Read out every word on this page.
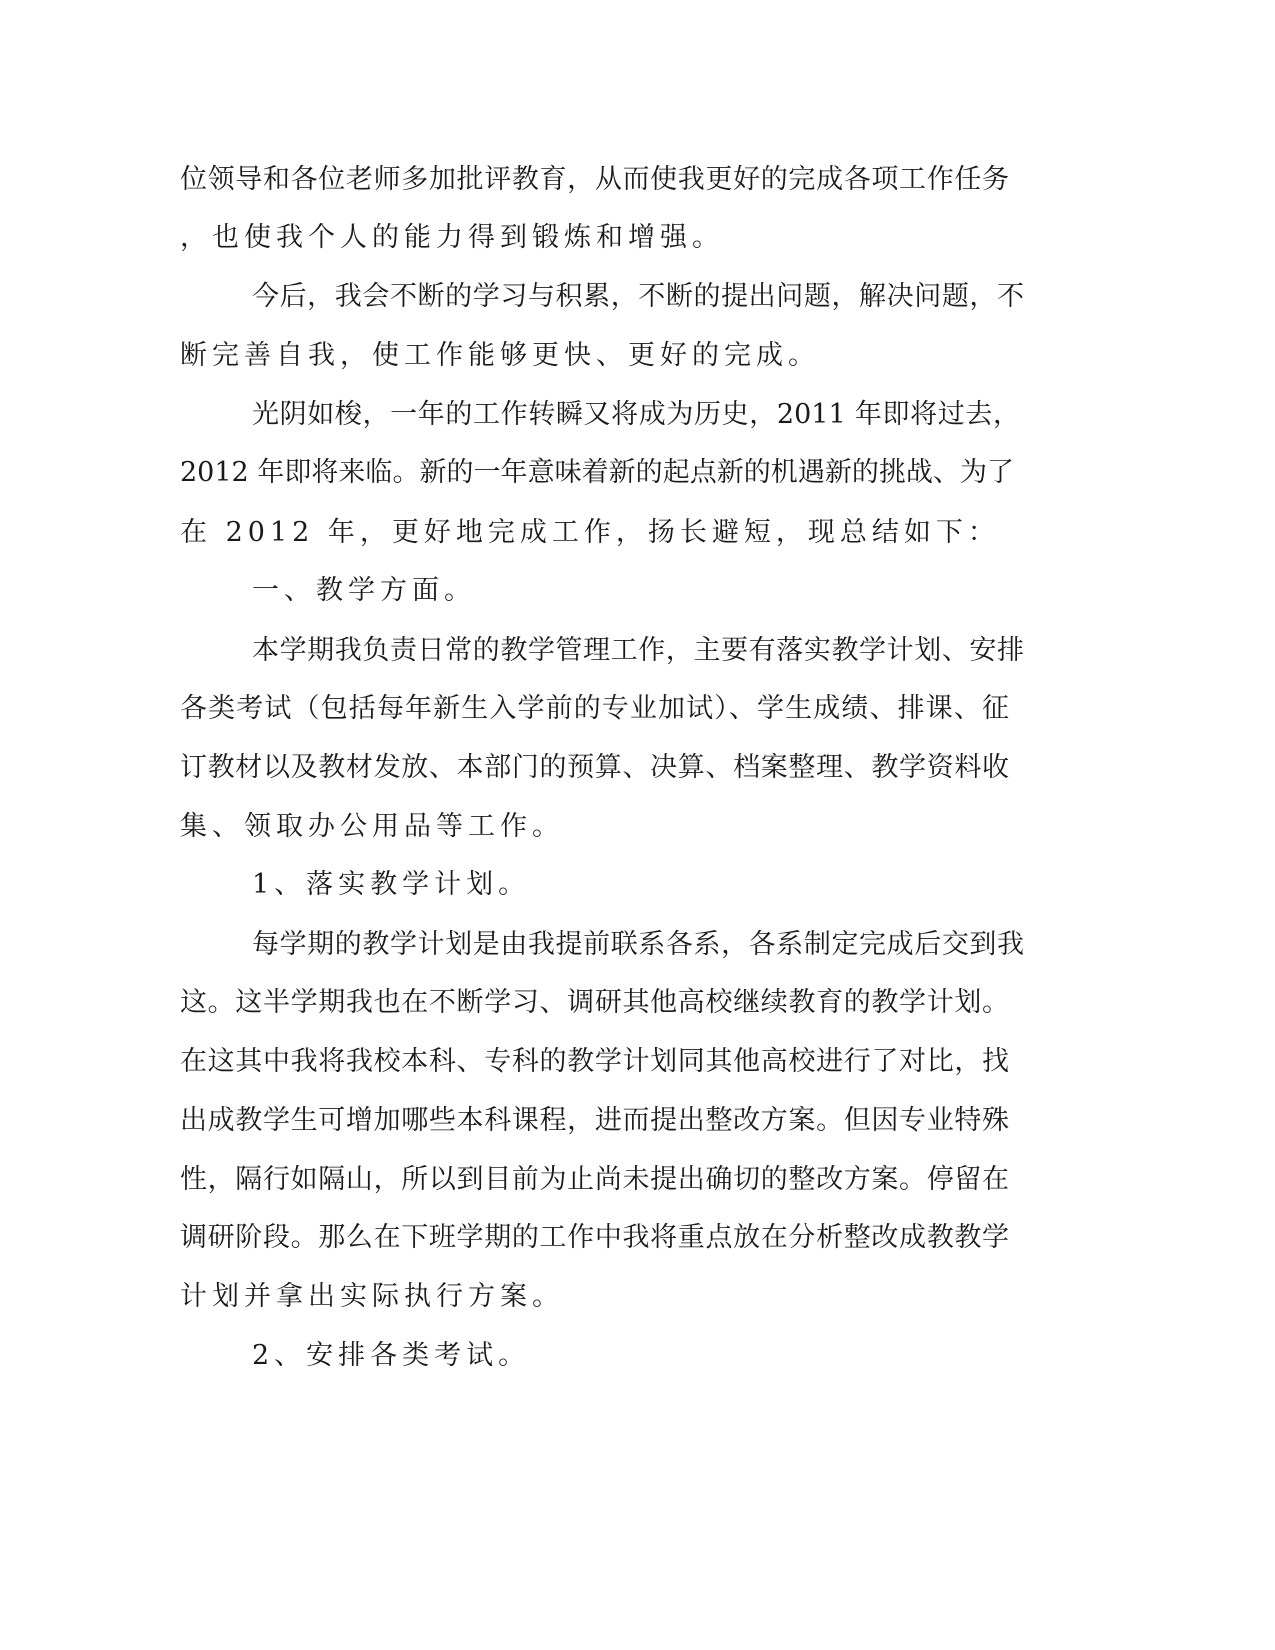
位领导和各位老师多加批评教育，从而使我更好的完成各项工作任务
，也使我个人的能力得到锻炼和增强。
今后，我会不断的学习与积累，不断的提出问题，解决问题，不
断完善自我，使工作能够更快、更好的完成。
光阴如梭，一年的工作转瞬又将成为历史，2011 年即将过去，
2012 年即将来临。新的一年意味着新的起点新的机遇新的挑战、为了
在 2012 年，更好地完成工作，扬长避短，现总结如下：
一、教学方面。
本学期我负责日常的教学管理工作，主要有落实教学计划、安排
各类考试（包括每年新生入学前的专业加试）、学生成绩、排课、征
订教材以及教材发放、本部门的预算、决算、档案整理、教学资料收
集、领取办公用品等工作。
1、落实教学计划。
每学期的教学计划是由我提前联系各系，各系制定完成后交到我
这。这半学期我也在不断学习、调研其他高校继续教育的教学计划。
在这其中我将我校本科、专科的教学计划同其他高校进行了对比，找
出成教学生可增加哪些本科课程，进而提出整改方案。但因专业特殊
性，隔行如隔山，所以到目前为止尚未提出确切的整改方案。停留在
调研阶段。那么在下班学期的工作中我将重点放在分析整改成教教学
计划并拿出实际执行方案。
2、安排各类考试。
